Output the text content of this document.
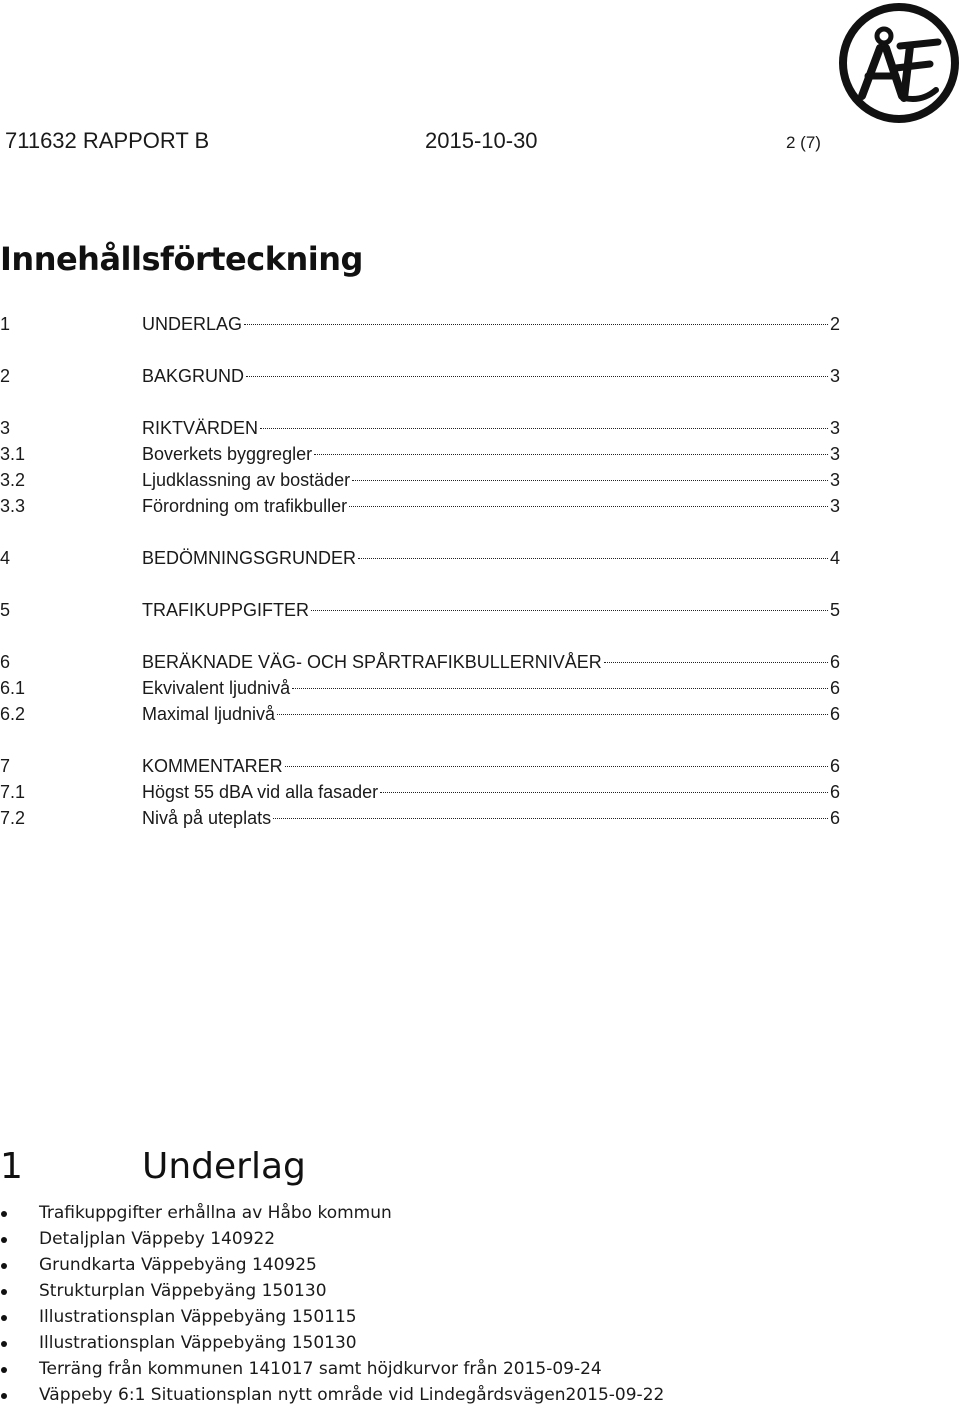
711632 RAPPORT B	2015-10-30	2 (7)
Innehållsförteckning
1	UNDERLAG	2
2	BAKGRUND	3
3	RIKTVÄRDEN	3
3.1	Boverkets byggregler	3
3.2	Ljudklassning av bostäder	3
3.3	Förordning om trafikbuller	3
4	BEDÖMNINGSGRUNDER	4
5	TRAFIKUPPGIFTER	5
6	BERÄKNADE VÄG- OCH SPÅRTRAFIKBULLERNIVÅER	6
6.1	Ekvivalent ljudnivå	6
6.2	Maximal ljudnivå	6
7	KOMMENTARER	6
7.1	Högst 55 dBA vid alla fasader	6
7.2	Nivå på uteplats	6
1	Underlag
Trafikuppgifter erhållna av Håbo kommun
Detaljplan Väppeby 140922
Grundkarta Väppebyäng 140925
Strukturplan Väppebyäng 150130
Illustrationsplan Väppebyäng 150115
Illustrationsplan Väppebyäng 150130
Terräng från kommunen 141017 samt höjdkurvor från 2015-09-24
Väppeby 6:1 Situationsplan nytt område vid Lindegårdsvägen2015-09-22
